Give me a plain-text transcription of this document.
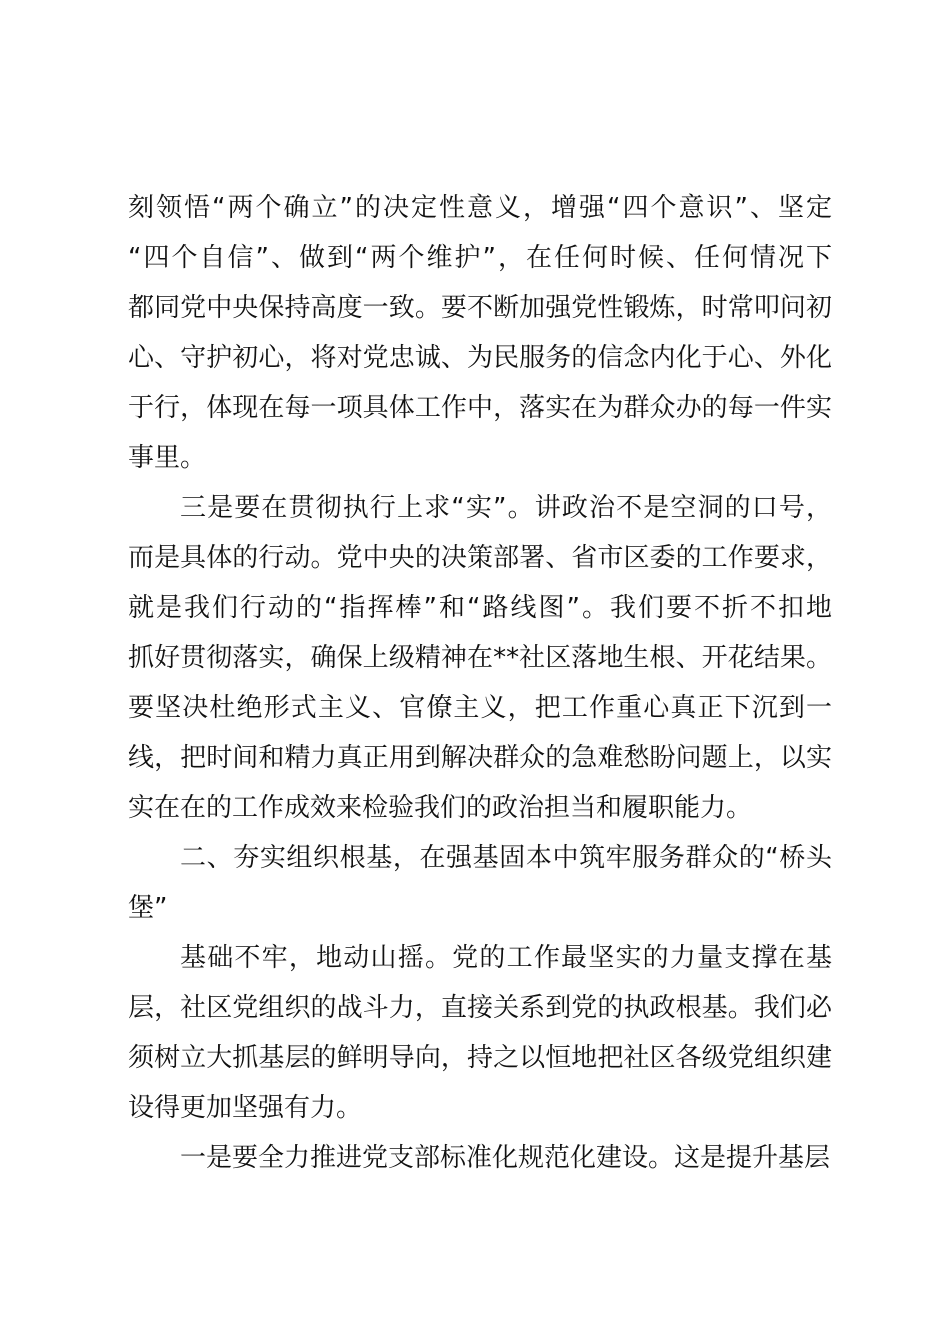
刻领悟“两个确立”的决定性意义，增强“四个意识”、坚定
“四个自信”、做到“两个维护”，在任何时候、任何情况下
都同党中央保持高度一致。要不断加强党性锻炼，时常叩问初
心、守护初心，将对党忠诚、为民服务的信念内化于心、外化
于行，体现在每一项具体工作中，落实在为群众办的每一件实
事里。
三是要在贯彻执行上求“实”。讲政治不是空洞的口号，
而是具体的行动。党中央的决策部署、省市区委的工作要求，
就是我们行动的“指挥棒”和“路线图”。我们要不折不扣地
抓好贯彻落实，确保上级精神在**社区落地生根、开花结果。
要坚决杜绝形式主义、官僚主义，把工作重心真正下沉到一
线，把时间和精力真正用到解决群众的急难愁盼问题上，以实
实在在的工作成效来检验我们的政治担当和履职能力。
二、夯实组织根基，在强基固本中筑牢服务群众的“桥头
堡”
基础不牢，地动山摇。党的工作最坚实的力量支撑在基
层，社区党组织的战斗力，直接关系到党的执政根基。我们必
须树立大抓基层的鲜明导向，持之以恒地把社区各级党组织建
设得更加坚强有力。
一是要全力推进党支部标准化规范化建设。这是提升基层
